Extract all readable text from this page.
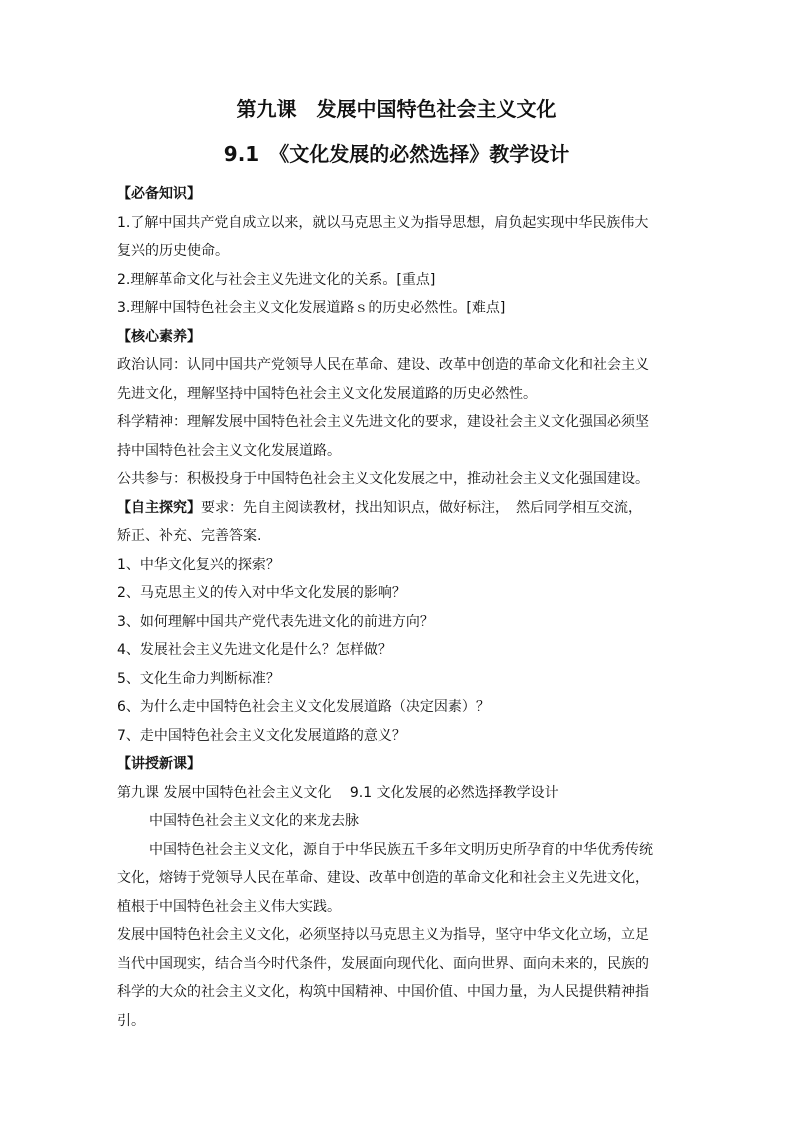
第九课　发展中国特色社会主义文化
9.1　《文化发展的必然选择》教学设计
【必备知识】
1.了解中国共产党自成立以来，就以马克思主义为指导思想，肩负起实现中华民族伟大
复兴的历史使命。
2.理解革命文化与社会主义先进文化的关系。[重点]
3.理解中国特色社会主义文化发展道路ｓ的历史必然性。[难点]
【核心素养】
政治认同：认同中国共产党领导人民在革命、建设、改革中创造的革命文化和社会主义
先进文化，理解坚持中国特色社会主义文化发展道路的历史必然性。
科学精神：理解发展中国特色社会主义先进文化的要求，建设社会主义文化强国必须坚
持中国特色社会主义文化发展道路。
公共参与：积极投身于中国特色社会主义文化发展之中，推动社会主义文化强国建设。
【自主探究】要求：先自主阅读教材，找出知识点，做好标注，　然后同学相互交流，
矫正、补充、完善答案.
1、中华文化复兴的探索？
2、马克思主义的传入对中华文化发展的影响？
3、如何理解中国共产党代表先进文化的前进方向？
4、发展社会主义先进文化是什么？怎样做？
5、文化生命力判断标准？
6、为什么走中国特色社会主义文化发展道路（决定因素）？
7、走中国特色社会主义文化发展道路的意义？
【讲授新课】
第九课 发展中国特色社会主义文化　 9.1 文化发展的必然选择教学设计
中国特色社会主义文化的来龙去脉
中国特色社会主义文化，源自于中华民族五千多年文明历史所孕育的中华优秀传统
文化，熔铸于党领导人民在革命、建设、改革中创造的革命文化和社会主义先进文化，
植根于中国特色社会主义伟大实践。
发展中国特色社会主义文化，必须坚持以马克思主义为指导，坚守中华文化立场，立足
当代中国现实，结合当今时代条件，发展面向现代化、面向世界、面向未来的，民族的
科学的大众的社会主义文化，构筑中国精神、中国价值、中国力量，为人民提供精神指
引。
